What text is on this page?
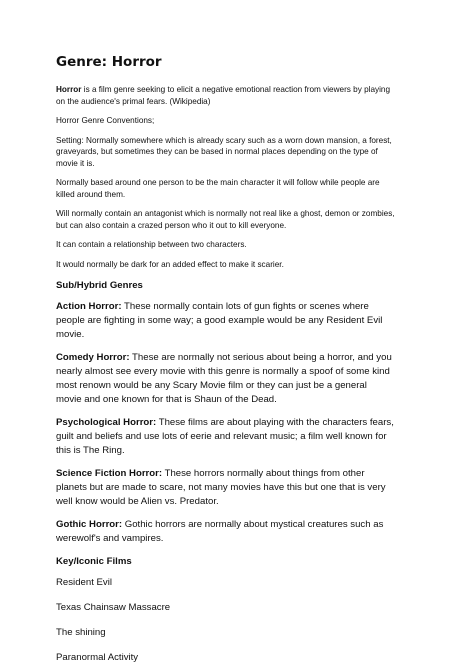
Genre: Horror

Horror is a film genre seeking to elicit a negative emotional reaction from viewers by playing on the audience's primal fears. (Wikipedia)

Horror Genre Conventions;

Setting: Normally somewhere which is already scary such as a worn down mansion, a forest, graveyards, but sometimes they can be based in normal places depending on the type of movie it is.

Normally based around one person to be the main character it will follow while people are killed around them.

Will normally contain an antagonist which is normally not real like a ghost, demon or zombies, but can also contain a crazed person who it out to kill everyone.

It can contain a relationship between two characters.

It would normally be dark for an added effect to make it scarier.

Sub/Hybrid Genres

Action Horror: These normally contain lots of gun fights or scenes where people are fighting in some way; a good example would be any Resident Evil movie.

Comedy Horror: These are normally not serious about being a horror, and you nearly almost see every movie with this genre is normally a spoof of some kind most renown would be any Scary Movie film or they can just be a general movie and one known for that is Shaun of the Dead.

Psychological Horror: These films are about playing with the characters fears, guilt and beliefs and use lots of eerie and relevant music; a film well known for this is The Ring.

Science Fiction Horror: These horrors normally about things from other planets but are made to scare, not many movies have this but one that is very well know would be Alien vs. Predator.

Gothic Horror: Gothic horrors are normally about mystical creatures such as werewolf's and vampires.

Key/Iconic Films

Resident Evil

Texas Chainsaw Massacre

The shining

Paranormal Activity
